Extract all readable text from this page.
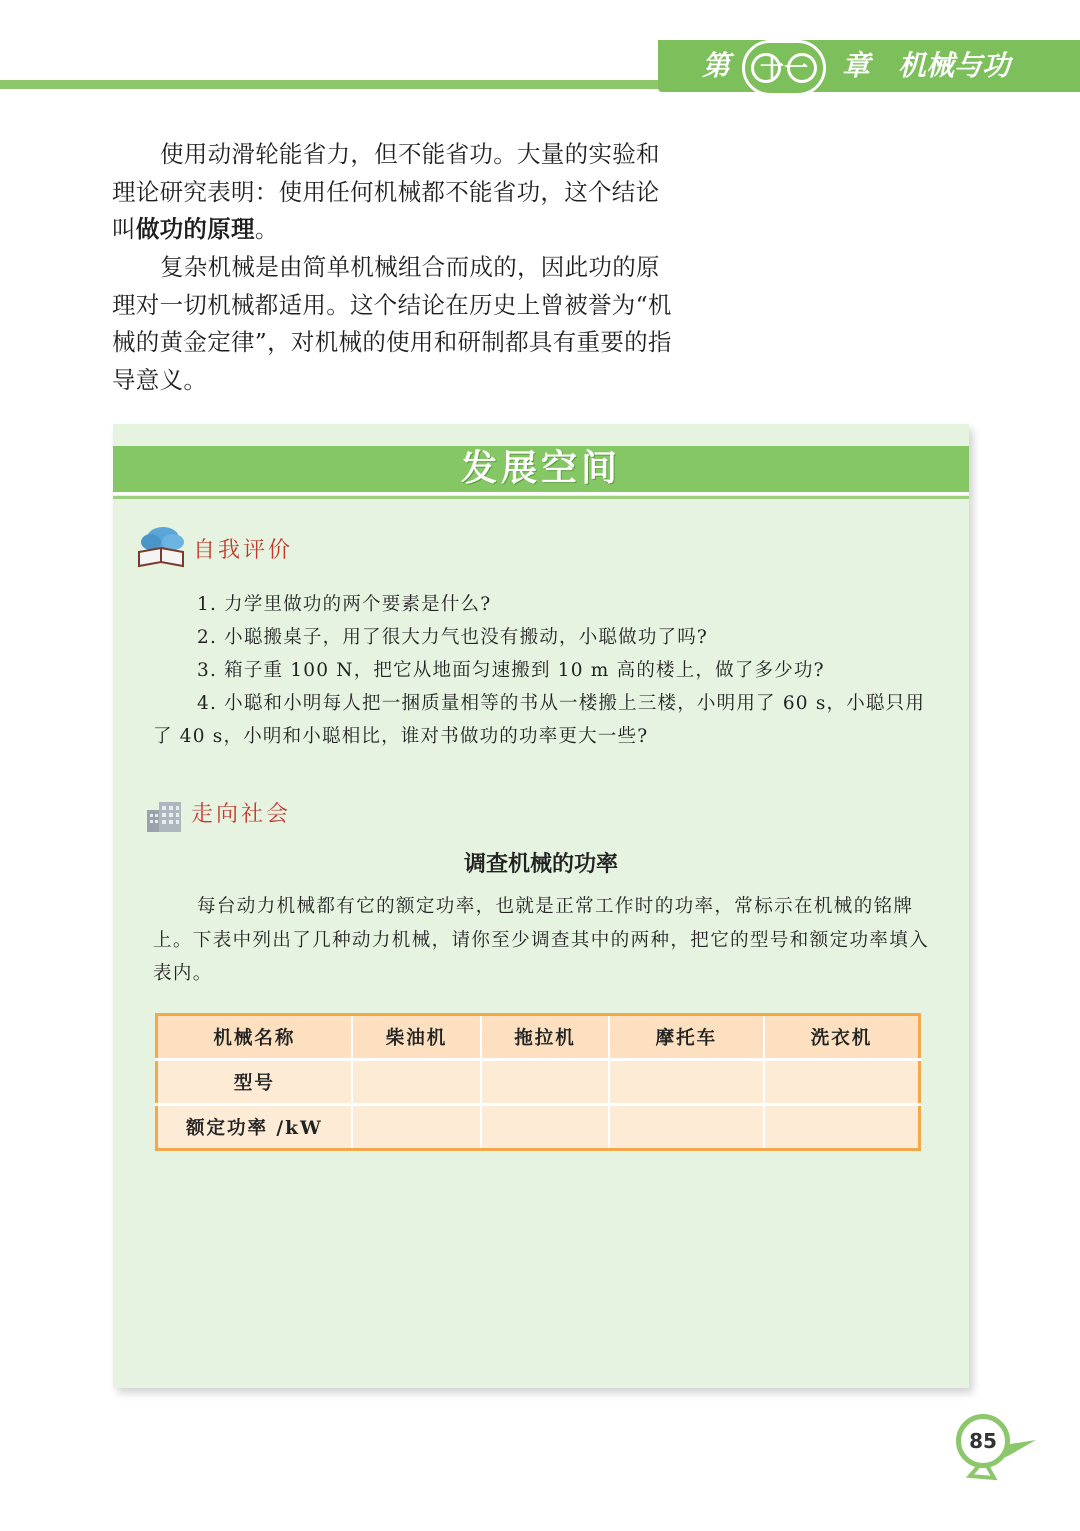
第	十一	章 机械与功

使用动滑轮能省力，但不能省功。大量的实验和理论研究表明：使用任何机械都不能省功，这个结论叫做功的原理。

复杂机械是由简单机械组合而成的，因此功的原理对一切机械都适用。这个结论在历史上曾被誉为“机械的黄金定律”，对机械的使用和研制都具有重要的指导意义。

发展空间
自我评价

1. 力学里做功的两个要素是什么?

2. 小聪搬桌子，用了很大力气也没有搬动，小聪做功了吗?

3. 箱子重 100 N，把它从地面匀速搬到 10 m 高的楼上，做了多少功?

4. 小聪和小明每人把一捆质量相等的书从一楼搬上三楼，小明用了 60 s，小聪只用了 40 s，小明和小聪相比，谁对书做功的功率更大一些?

走向社会
调查机械的功率

每台动力机械都有它的额定功率，也就是正常工作时的功率，常标示在机械的铭牌上。下表中列出了几种动力机械，请你至少调查其中的两种，把它的型号和额定功率填入表内。

机械名称	柴油机	拖拉机	摩托车	洗衣机
型号				
额定功率 /kW				
85
